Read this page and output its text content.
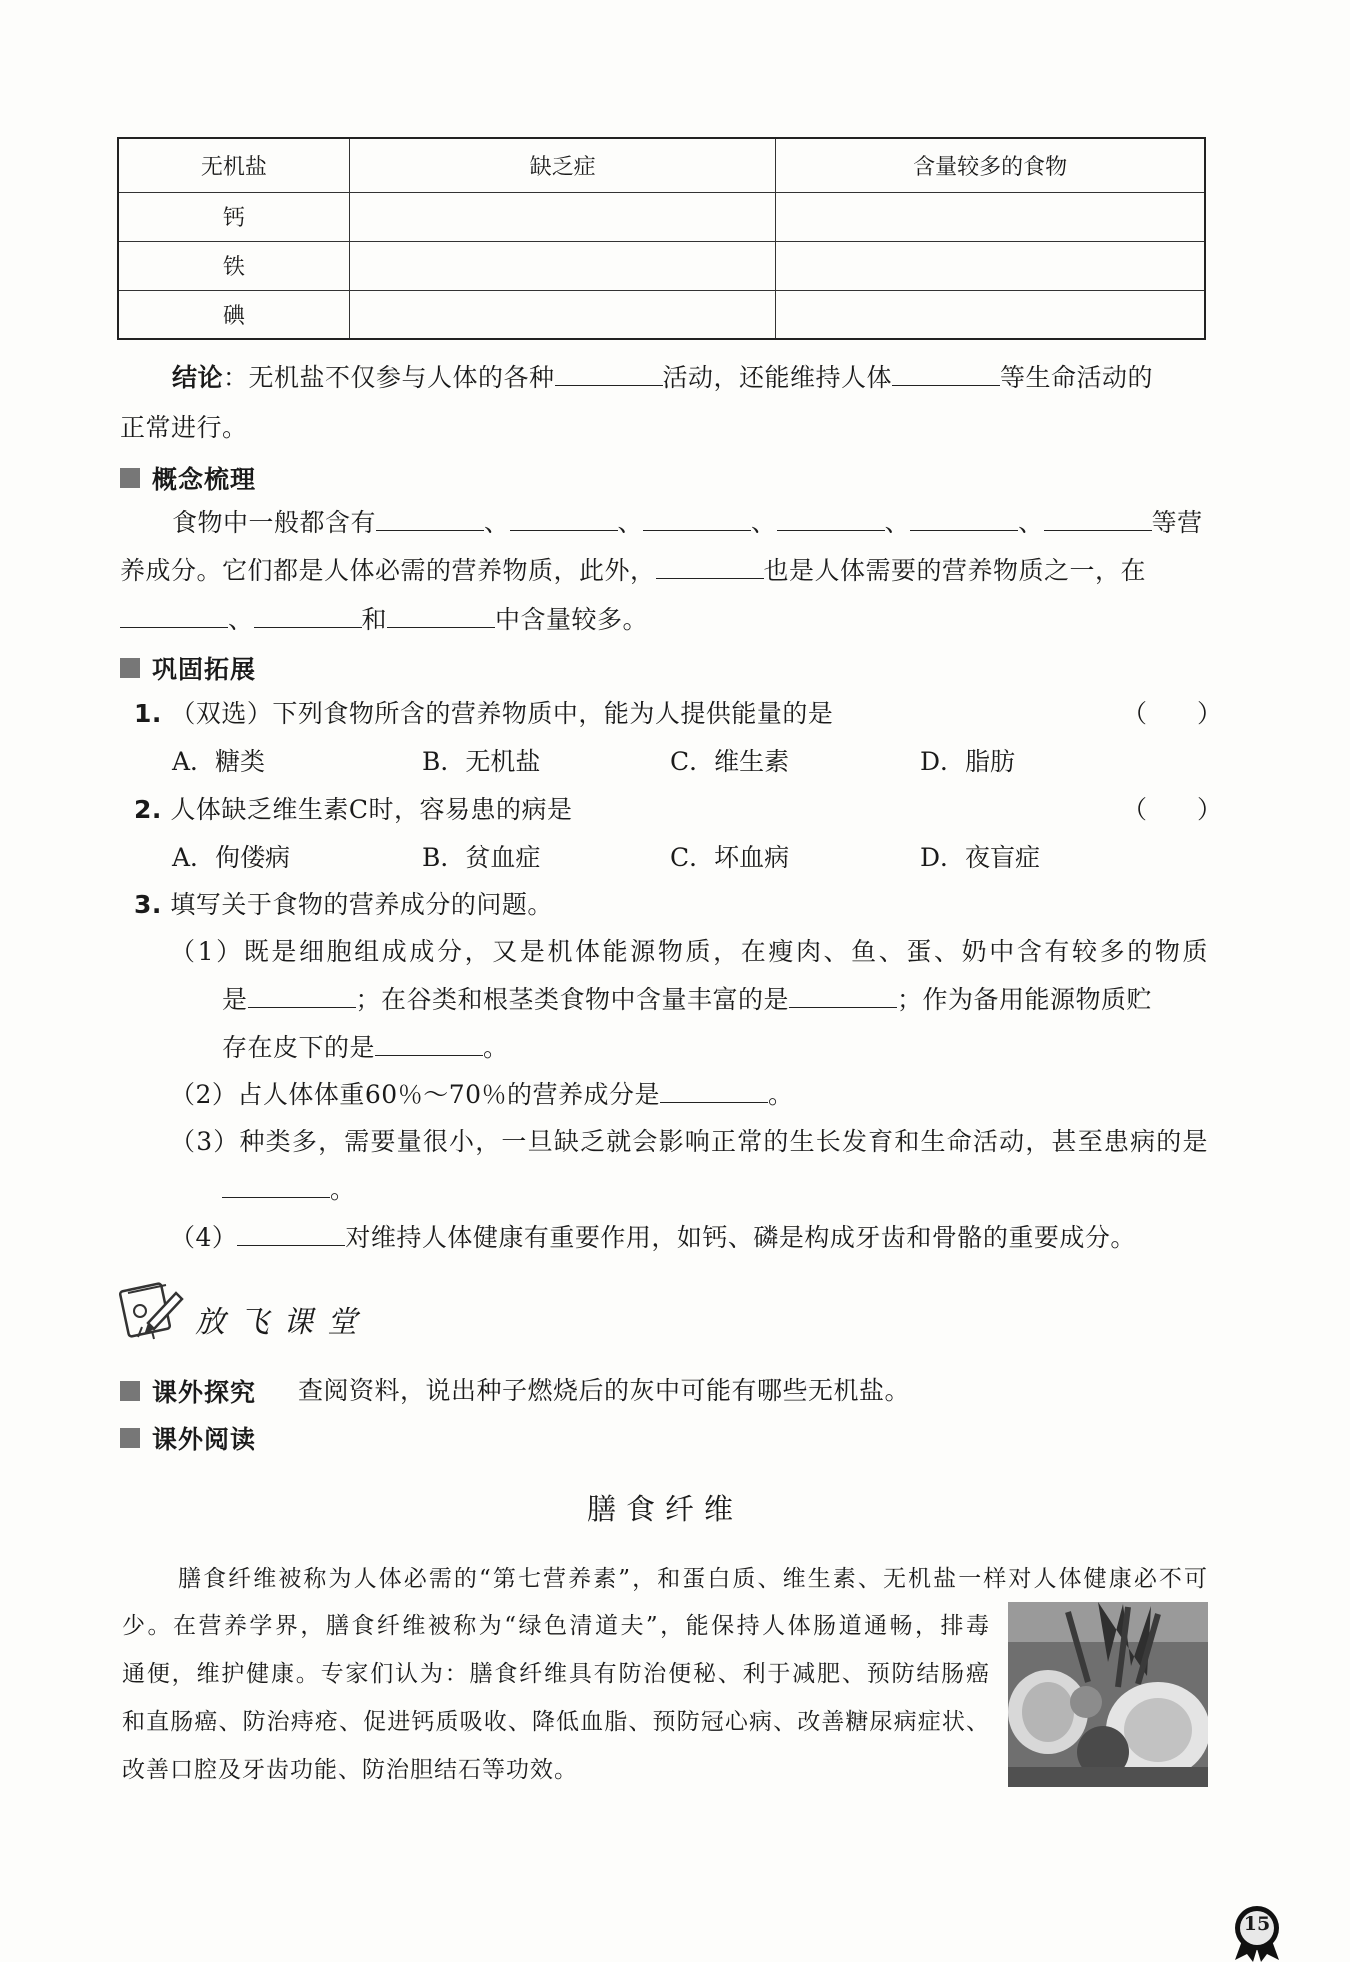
无机盐	缺乏症	含量较多的食物
钙		
铁		
碘		
结论：无机盐不仅参与人体的各种	活动，还能维持人体	等生命活动的
正常进行。
概念梳理
食物中一般都含有	、	、	、	、	、	等营
养成分。它们都是人体必需的营养物质，此外，	也是人体需要的营养物质之一，在
、	和	中含量较多。
巩固拓展
1. （双选）下列食物所含的营养物质中，能为人提供能量的是	（　　）
A．糖类	B．无机盐	C．维生素	D．脂肪
2. 人体缺乏维生素C时，容易患的病是	（　　）
A．佝偻病	B．贫血症	C．坏血病	D．夜盲症
3. 填写关于食物的营养成分的问题。
（1）既是细胞组成成分，又是机体能源物质，在瘦肉、鱼、蛋、奶中含有较多的物质
是	；在谷类和根茎类食物中含量丰富的是	；作为备用能源物质贮
存在皮下的是	。
（2）占人体体重60％～70％的营养成分是	。
（3）种类多，需要量很小，一旦缺乏就会影响正常的生长发育和生命活动，甚至患病的是
。
（4）	对维持人体健康有重要作用，如钙、磷是构成牙齿和骨骼的重要成分。
放飞课堂
课外探究 查阅资料，说出种子燃烧后的灰中可能有哪些无机盐。
课外阅读
膳食纤维
膳食纤维被称为人体必需的“第七营养素”，和蛋白质、维生素、无机盐一样对人体健康必不可
少。在营养学界，膳食纤维被称为“绿色清道夫”，能保持人体肠道通畅，排毒
通便，维护健康。专家们认为：膳食纤维具有防治便秘、利于减肥、预防结肠癌
和直肠癌、防治痔疮、促进钙质吸收、降低血脂、预防冠心病、改善糖尿病症状、
改善口腔及牙齿功能、防治胆结石等功效。
15
